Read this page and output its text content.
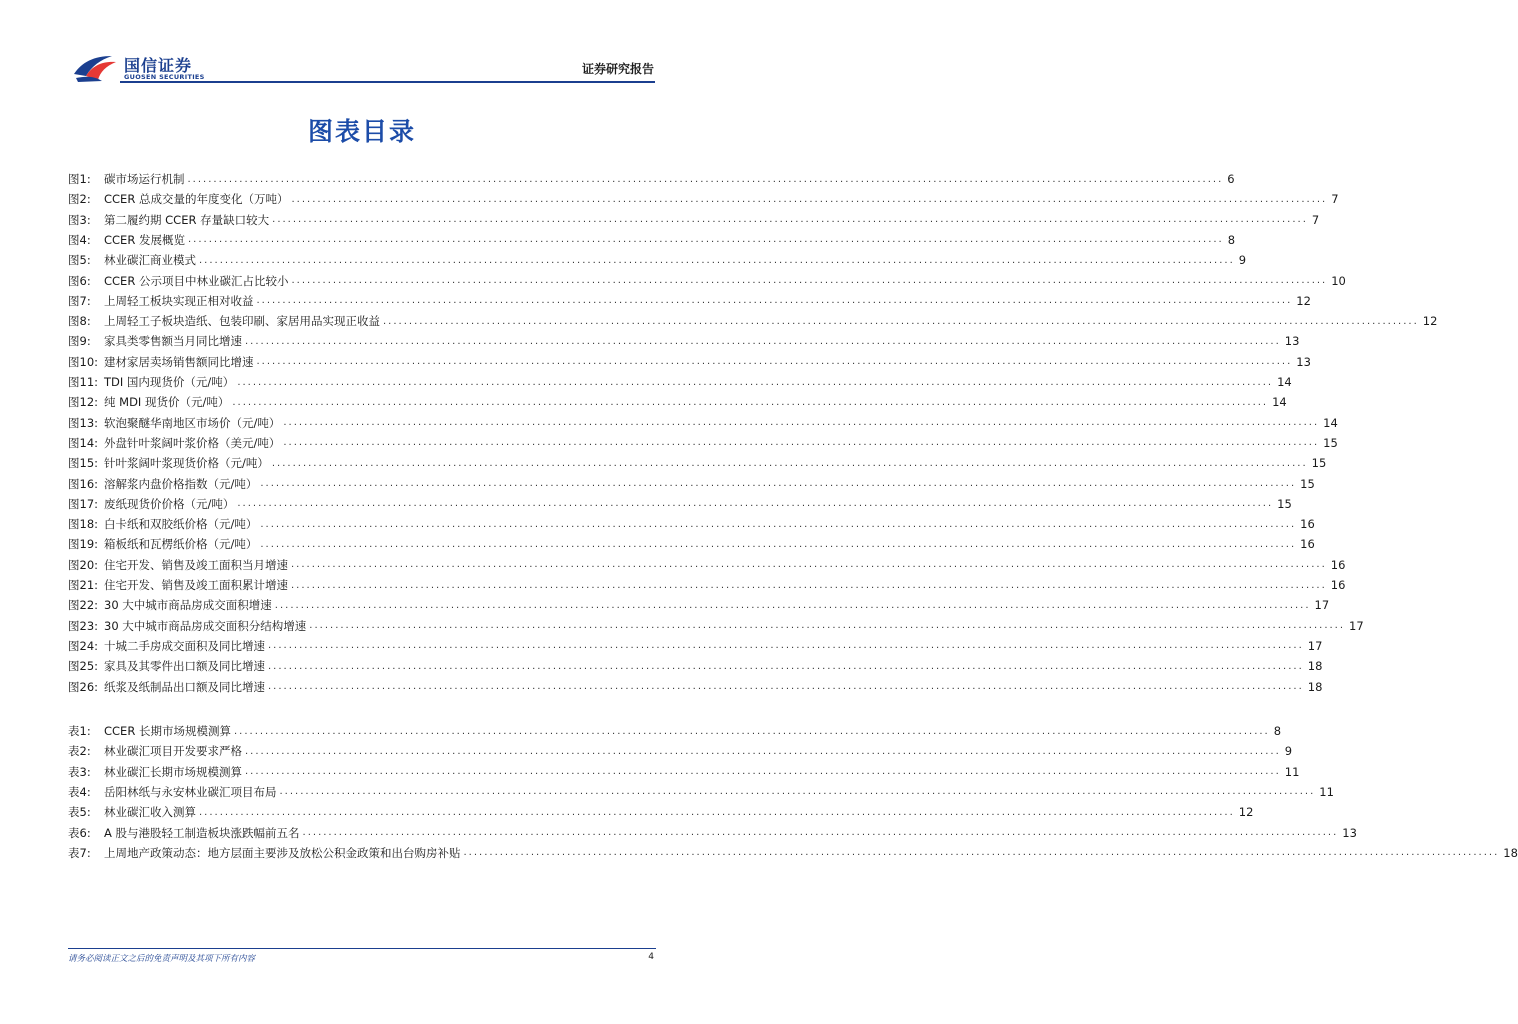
国信证券
GUOSEN SECURITIES
证券研究报告
图表目录
图1:	碳市场运行机制 ........................................................................................................................................................................................................ 6
图2:	CCER 总成交量的年度变化（万吨） ........................................................................................................................................................................................................ 7
图3:	第二履约期 CCER 存量缺口较大 ........................................................................................................................................................................................................ 7
图4:	CCER 发展概览 ........................................................................................................................................................................................................ 8
图5:	林业碳汇商业模式 ........................................................................................................................................................................................................ 9
图6:	CCER 公示项目中林业碳汇占比较小 ........................................................................................................................................................................................................ 10
图7:	上周轻工板块实现正相对收益 ........................................................................................................................................................................................................ 12
图8:	上周轻工子板块造纸、包装印刷、家居用品实现正收益 ........................................................................................................................................................................................................ 12
图9:	家具类零售额当月同比增速 ........................................................................................................................................................................................................ 13
图10: 建材家居卖场销售额同比增速 ........................................................................................................................................................................................................ 13
图11: TDI 国内现货价（元/吨） ........................................................................................................................................................................................................ 14
图12: 纯 MDI 现货价（元/吨） ........................................................................................................................................................................................................ 14
图13: 软泡聚醚华南地区市场价（元/吨） ........................................................................................................................................................................................................ 14
图14: 外盘针叶浆阔叶浆价格（美元/吨） ........................................................................................................................................................................................................ 15
图15: 针叶浆阔叶浆现货价格（元/吨） ........................................................................................................................................................................................................ 15
图16: 溶解浆内盘价格指数（元/吨） ........................................................................................................................................................................................................ 15
图17: 废纸现货价价格（元/吨） ........................................................................................................................................................................................................ 15
图18: 白卡纸和双胶纸价格（元/吨） ........................................................................................................................................................................................................ 16
图19: 箱板纸和瓦楞纸价格（元/吨） ........................................................................................................................................................................................................ 16
图20: 住宅开发、销售及竣工面积当月增速 ........................................................................................................................................................................................................ 16
图21: 住宅开发、销售及竣工面积累计增速 ........................................................................................................................................................................................................ 16
图22: 30 大中城市商品房成交面积增速 ........................................................................................................................................................................................................ 17
图23: 30 大中城市商品房成交面积分结构增速 ........................................................................................................................................................................................................ 17
图24: 十城二手房成交面积及同比增速 ........................................................................................................................................................................................................ 17
图25: 家具及其零件出口额及同比增速 ........................................................................................................................................................................................................ 18
图26: 纸浆及纸制品出口额及同比增速 ........................................................................................................................................................................................................ 18
表1:	CCER 长期市场规模测算 ........................................................................................................................................................................................................ 8
表2:	林业碳汇项目开发要求严格 ........................................................................................................................................................................................................ 9
表3:	林业碳汇长期市场规模测算 ........................................................................................................................................................................................................ 11
表4:	岳阳林纸与永安林业碳汇项目布局 ........................................................................................................................................................................................................ 11
表5:	林业碳汇收入测算 ........................................................................................................................................................................................................ 12
表6:	A 股与港股轻工制造板块涨跌幅前五名 ........................................................................................................................................................................................................ 13
表7:	上周地产政策动态：地方层面主要涉及放松公积金政策和出台购房补贴 ........................................................................................................................................................................................................ 18
请务必阅读正文之后的免责声明及其项下所有内容	4
